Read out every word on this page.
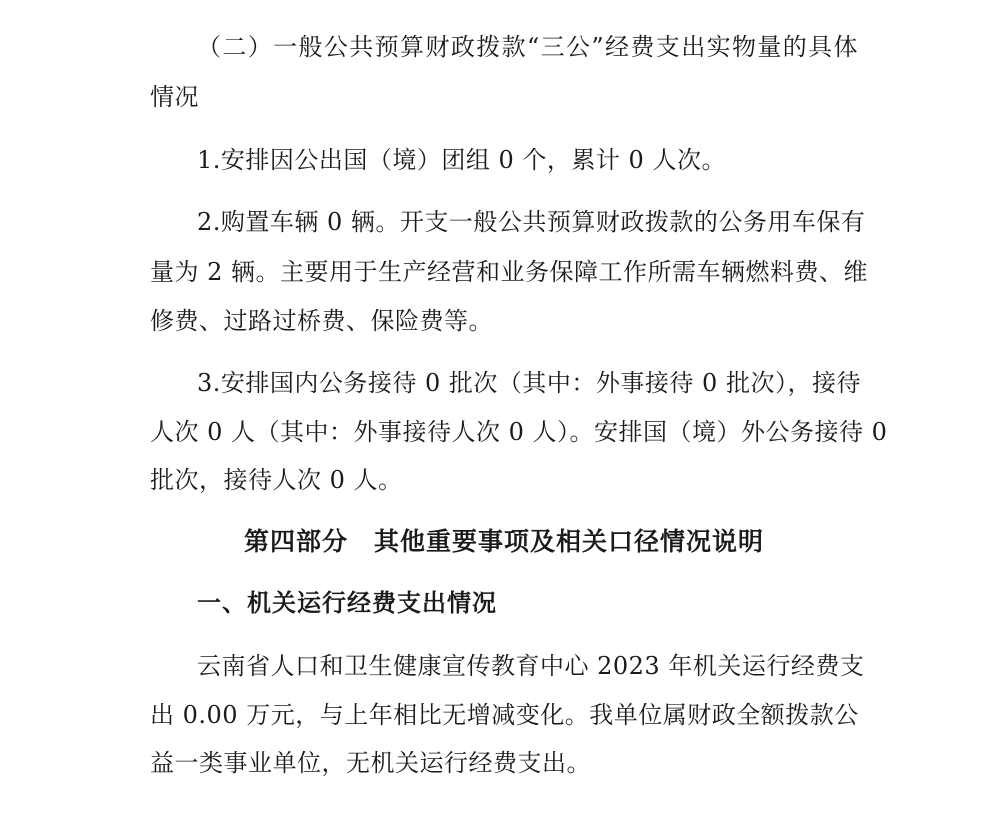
（二）一般公共预算财政拨款“三公”经费支出实物量的具体
情况
1.安排因公出国（境）团组 0 个，累计 0 人次。
2.购置车辆 0 辆。开支一般公共预算财政拨款的公务用车保有
量为 2 辆。主要用于生产经营和业务保障工作所需车辆燃料费、维
修费、过路过桥费、保险费等。
3.安排国内公务接待 0 批次（其中：外事接待 0 批次），接待
人次 0 人（其中：外事接待人次 0 人）。安排国（境）外公务接待 0
批次，接待人次 0 人。
第四部分　其他重要事项及相关口径情况说明
一、机关运行经费支出情况
云南省人口和卫生健康宣传教育中心 2023 年机关运行经费支
出 0.00 万元，与上年相比无增减变化。我单位属财政全额拨款公
益一类事业单位，无机关运行经费支出。
